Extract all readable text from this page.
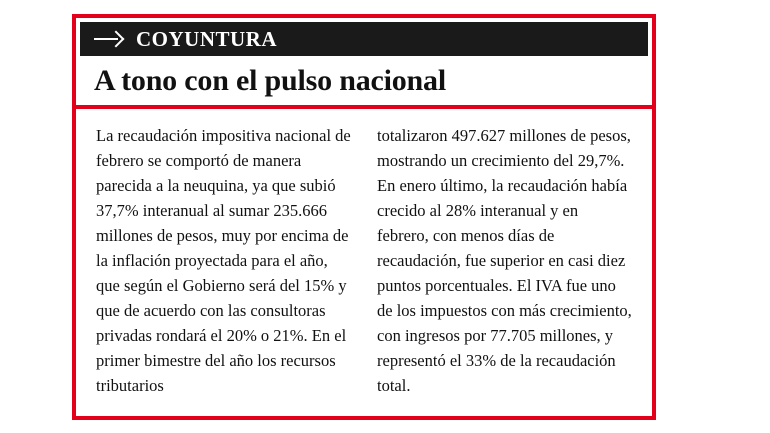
COYUNTURA
A tono con el pulso nacional

La recaudación impositiva nacional de febrero se comportó de manera parecida a la neuquina, ya que subió 37,7% interanual al sumar 235.666 millones de pesos, muy por encima de la inflación proyectada para el año, que según el Gobierno será del 15% y que de acuerdo con las consultoras privadas rondará el 20% o 21%. En el primer bimestre del año los recursos tributarios

totalizaron 497.627 millones de pesos, mostrando un crecimiento del 29,7%. En enero último, la recaudación había crecido al 28% interanual y en febrero, con menos días de recaudación, fue superior en casi diez puntos porcentuales. El IVA fue uno de los impuestos con más crecimiento, con ingresos por 77.705 millones, y representó el 33% de la recaudación total.
